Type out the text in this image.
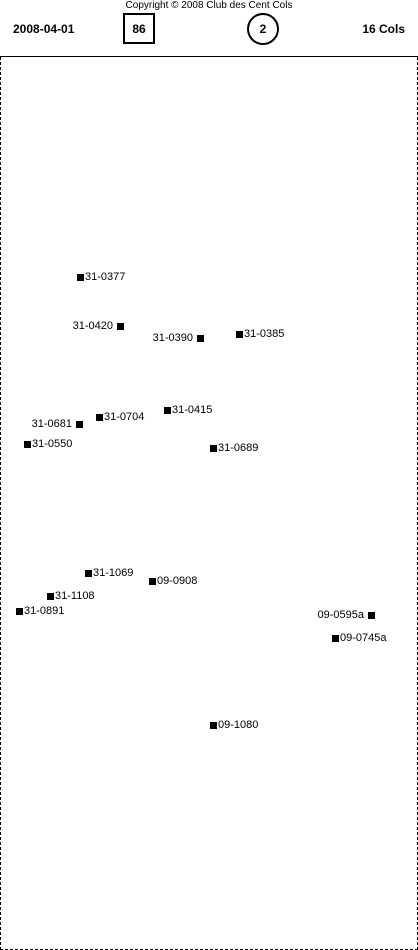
2008-04-01	86	2	16 Cols
Copyright © 2008 Club des Cent Cols
31-0377
31-0420
31-0390	31-0385
31-0415
31-0704
31-0681
31-0550	31-0689
31-1069
09-0908
31-1108
31-0891	09-0595a
09-0745a
09-1080
